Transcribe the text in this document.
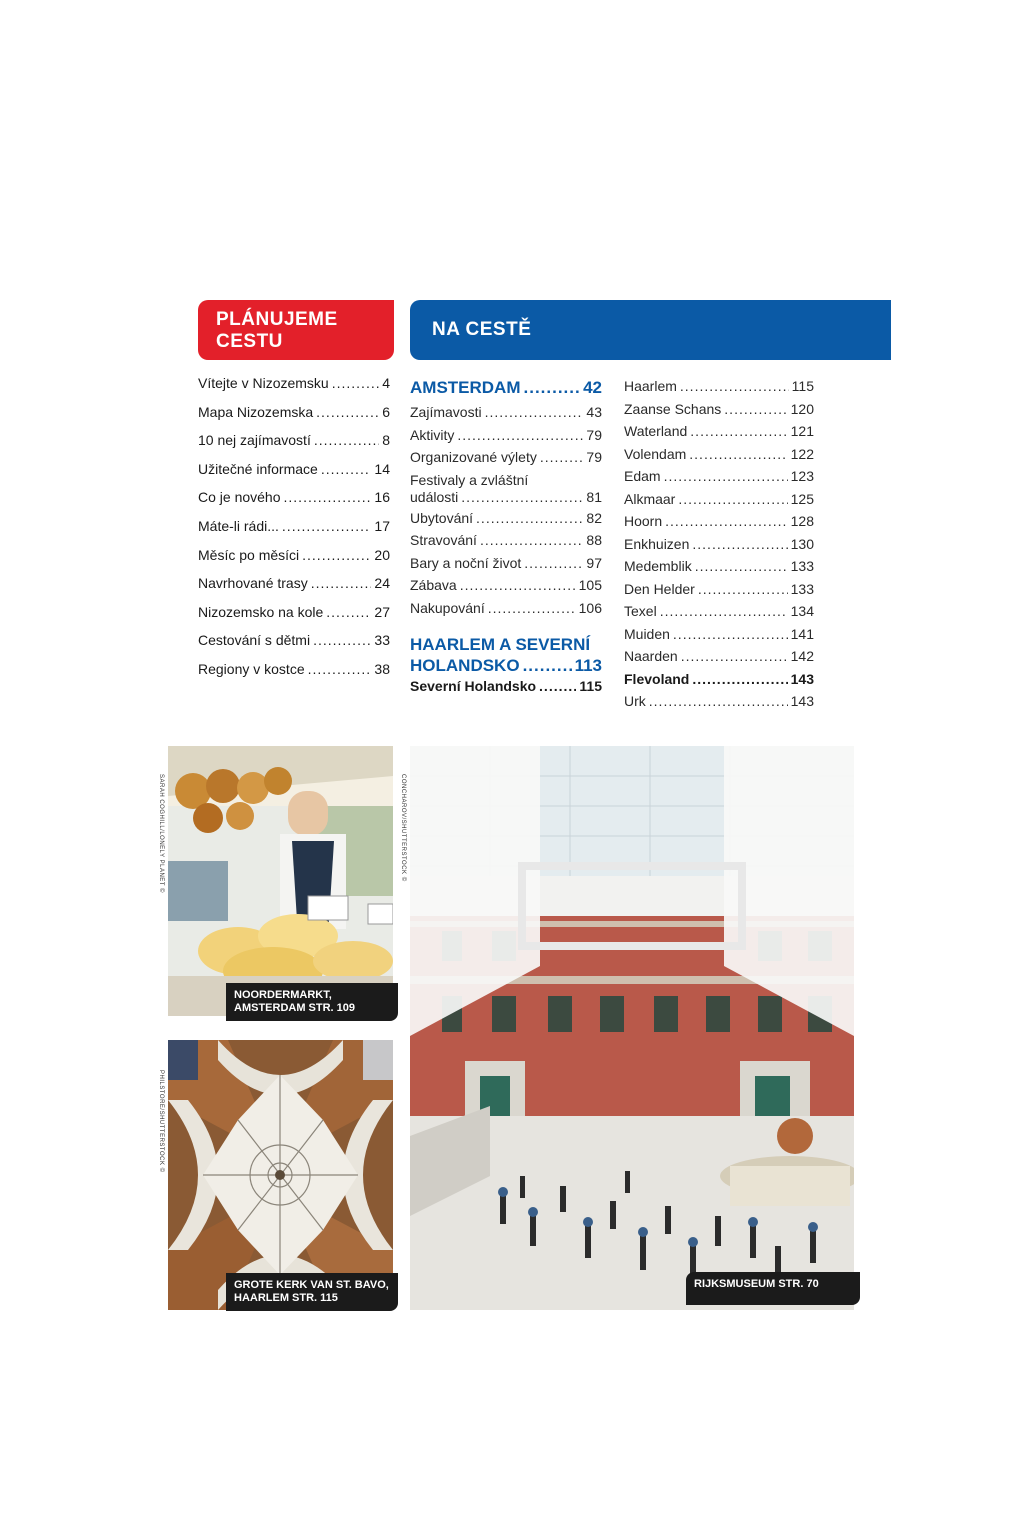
PLÁNUJEME
CESTU
NA CESTĚ
Vítejte v Nizozemsku .....	4
Mapa Nizozemska .....	6
10 nej zajímavostí .....	8
Užitečné informace .....	14
Co je nového .....	16
Máte-li rádi... .....	17
Měsíc po měsíci .....	20
Navrhované trasy .....	24
Nizozemsko na kole .....	27
Cestování s dětmi .....	33
Regiony v kostce .....	38
AMSTERDAM .....	42
Zajímavosti .....	43
Aktivity .....	79
Organizované výlety .....	79
Festivaly a zvláštní
události .....	81
Ubytování .....	82
Stravování .....	88
Bary a noční život .....	97
Zábava .....	105
Nakupování .....	106
HAARLEM A SEVERNÍ
HOLANDSKO .....	113
Severní Holandsko .....	115
Haarlem .....	115
Zaanse Schans .....	120
Waterland .....	121
Volendam .....	122
Edam .....	123
Alkmaar .....	125
Hoorn .....	128
Enkhuizen .....	130
Medemblik .....	133
Den Helder .....	133
Texel .....	134
Muiden .....	141
Naarden .....	142
Flevoland .....	143
Urk .....	143
NOORDERMARKT,
AMSTERDAM STR. 109
SARAH COGHILL/LONELY PLANET ©
GROTE KERK VAN ST. BAVO,
HAARLEM STR. 115
PHILSTORE/SHUTTERSTOCK ©
RIJKSMUSEUM STR. 70
CONCHAROV/SHUTTERSTOCK ©
